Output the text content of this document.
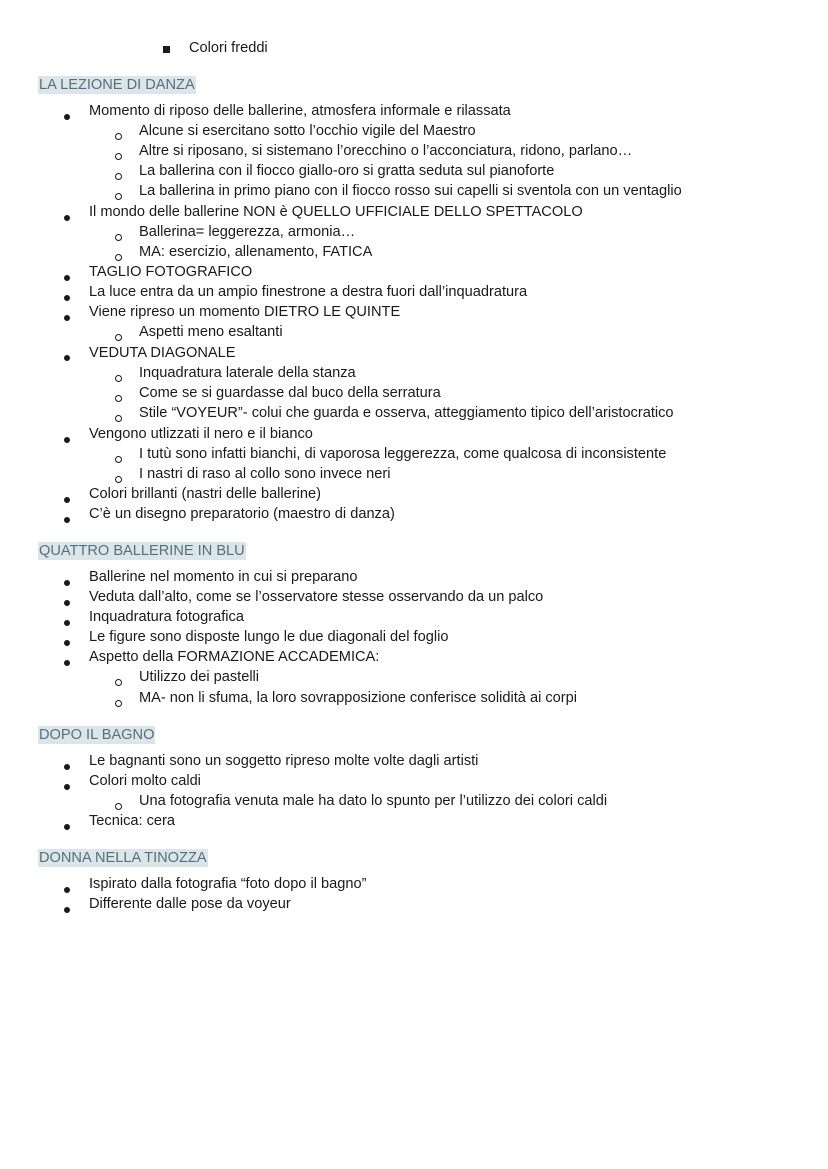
Colori freddi
LA LEZIONE DI DANZA
Momento di riposo delle ballerine, atmosfera informale e rilassata
Alcune si esercitano sotto l’occhio vigile del Maestro
Altre si riposano, si sistemano l’orecchino o l’acconciatura, ridono, parlano…
La ballerina con il fiocco giallo-oro si gratta seduta sul pianoforte
La ballerina in primo piano con il fiocco rosso sui capelli si sventola con un ventaglio
Il mondo delle ballerine NON è QUELLO UFFICIALE DELLO SPETTACOLO
Ballerina= leggerezza, armonia…
MA: esercizio, allenamento, FATICA
TAGLIO FOTOGRAFICO
La luce entra da un ampio finestrone a destra fuori dall’inquadratura
Viene ripreso un momento DIETRO LE QUINTE
Aspetti meno esaltanti
VEDUTA DIAGONALE
Inquadratura laterale della stanza
Come se si guardasse dal buco della serratura
Stile “VOYEUR”- colui che guarda e osserva, atteggiamento tipico dell’aristocratico
Vengono utlizzati il nero e il bianco
I tutù sono infatti bianchi, di vaporosa leggerezza, come qualcosa di inconsistente
I nastri di raso al collo sono invece neri
Colori brillanti (nastri delle ballerine)
C’è un disegno preparatorio (maestro di danza)
QUATTRO BALLERINE IN BLU
Ballerine nel momento in cui si preparano
Veduta dall’alto, come se l’osservatore stesse osservando da un palco
Inquadratura fotografica
Le figure sono disposte lungo le due diagonali del foglio
Aspetto della FORMAZIONE ACCADEMICA:
Utilizzo dei pastelli
MA- non li sfuma, la loro sovrapposizione conferisce solidità ai corpi
DOPO IL BAGNO
Le bagnanti sono un soggetto ripreso molte volte dagli artisti
Colori molto caldi
Una fotografia venuta male ha dato lo spunto per l’utilizzo dei colori caldi
Tecnica: cera
DONNA NELLA TINOZZA
Ispirato dalla fotografia “foto dopo il bagno”
Differente dalle pose da voyeur
